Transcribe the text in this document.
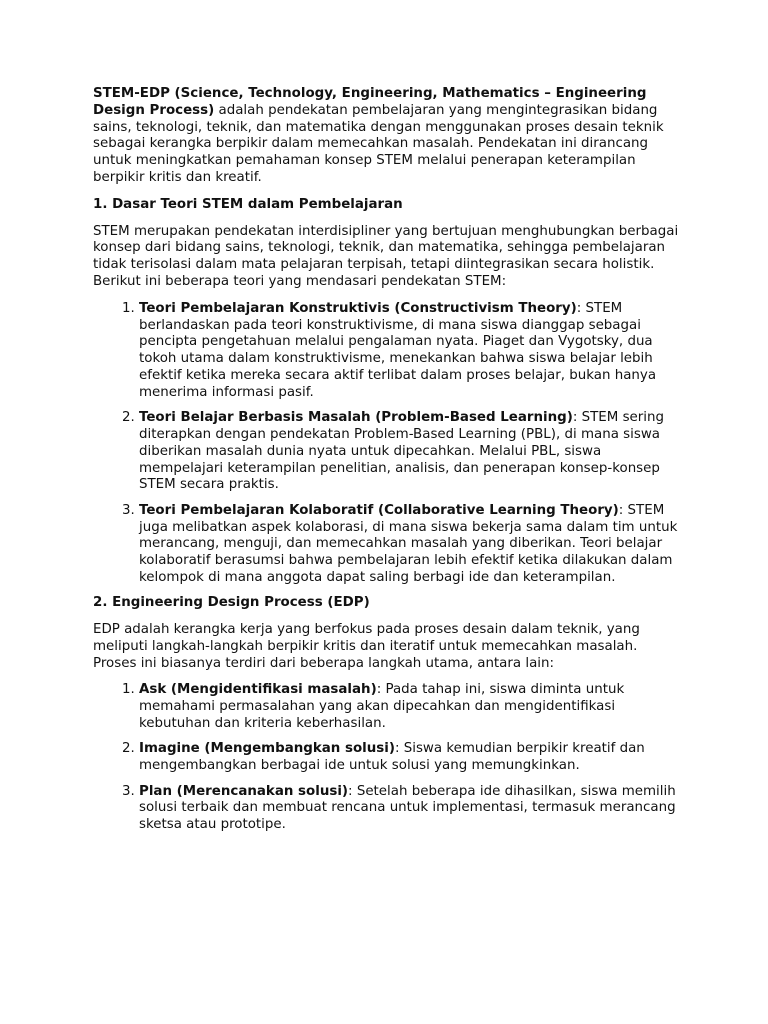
STEM-EDP (Science, Technology, Engineering, Mathematics – Engineering Design Process) adalah pendekatan pembelajaran yang mengintegrasikan bidang sains, teknologi, teknik, dan matematika dengan menggunakan proses desain teknik sebagai kerangka berpikir dalam memecahkan masalah. Pendekatan ini dirancang untuk meningkatkan pemahaman konsep STEM melalui penerapan keterampilan berpikir kritis dan kreatif.

1. Dasar Teori STEM dalam Pembelajaran

STEM merupakan pendekatan interdisipliner yang bertujuan menghubungkan berbagai konsep dari bidang sains, teknologi, teknik, dan matematika, sehingga pembelajaran tidak terisolasi dalam mata pelajaran terpisah, tetapi diintegrasikan secara holistik. Berikut ini beberapa teori yang mendasari pendekatan STEM:

1. Teori Pembelajaran Konstruktivis (Constructivism Theory): STEM berlandaskan pada teori konstruktivisme, di mana siswa dianggap sebagai pencipta pengetahuan melalui pengalaman nyata. Piaget dan Vygotsky, dua tokoh utama dalam konstruktivisme, menekankan bahwa siswa belajar lebih efektif ketika mereka secara aktif terlibat dalam proses belajar, bukan hanya menerima informasi pasif.
2. Teori Belajar Berbasis Masalah (Problem-Based Learning): STEM sering diterapkan dengan pendekatan Problem-Based Learning (PBL), di mana siswa diberikan masalah dunia nyata untuk dipecahkan. Melalui PBL, siswa mempelajari keterampilan penelitian, analisis, dan penerapan konsep-konsep STEM secara praktis.
3. Teori Pembelajaran Kolaboratif (Collaborative Learning Theory): STEM juga melibatkan aspek kolaborasi, di mana siswa bekerja sama dalam tim untuk merancang, menguji, dan memecahkan masalah yang diberikan. Teori belajar kolaboratif berasumsi bahwa pembelajaran lebih efektif ketika dilakukan dalam kelompok di mana anggota dapat saling berbagi ide dan keterampilan.
2. Engineering Design Process (EDP)

EDP adalah kerangka kerja yang berfokus pada proses desain dalam teknik, yang meliputi langkah-langkah berpikir kritis dan iteratif untuk memecahkan masalah. Proses ini biasanya terdiri dari beberapa langkah utama, antara lain:

1. Ask (Mengidentifikasi masalah): Pada tahap ini, siswa diminta untuk memahami permasalahan yang akan dipecahkan dan mengidentifikasi kebutuhan dan kriteria keberhasilan.
2. Imagine (Mengembangkan solusi): Siswa kemudian berpikir kreatif dan mengembangkan berbagai ide untuk solusi yang memungkinkan.
3. Plan (Merencanakan solusi): Setelah beberapa ide dihasilkan, siswa memilih solusi terbaik dan membuat rencana untuk implementasi, termasuk merancang sketsa atau prototipe.
